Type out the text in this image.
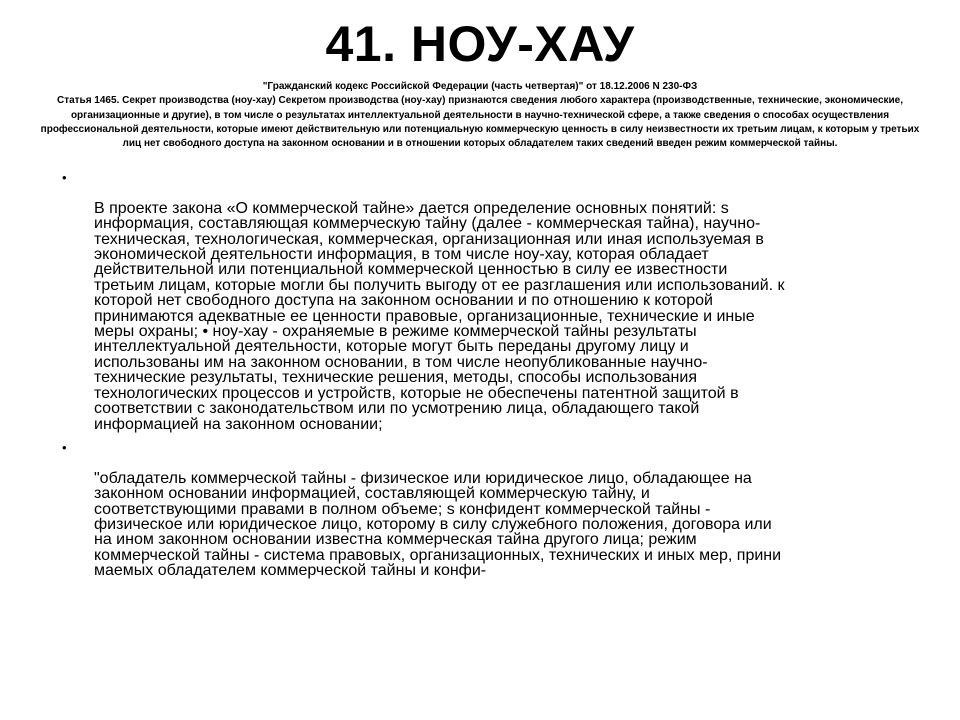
41. НОУ-ХАУ

"Гражданский кодекс Российской Федерации (часть четвертая)" от 18.12.2006 N 230-ФЗ

Статья 1465. Секрет производства (ноу-хау) Секретом производства (ноу-хау) признаются сведения любого характера (производственные, технические, экономические, организационные и другие), в том числе о результатах интеллектуальной деятельности в научно-технической сфере, а также сведения о способах осуществления профессиональной деятельности, которые имеют действительную или потенциальную коммерческую ценность в силу неизвестности их третьим лицам, к которым у третьих лиц нет свободного доступа на законном основании и в отношении которых обладателем таких сведений введен режим коммерческой тайны.

•

В проекте закона «О коммерческой тайне» дается определение основных понятий: s
информация, составляющая коммерческую тайну (далее - коммерческая тайна), научно-
техническая, технологическая, коммерческая, организационная или иная используемая в
экономической деятельности информация, в том числе ноу-хау, которая обладает
действительной или потенциальной коммерческой ценностью в силу ее известности
третьим лицам, которые могли бы получить выгоду от ее разглашения или использований. к
которой нет свободного доступа на законном основании и по отношению к которой
принимаются адекватные ее ценности правовые, организационные, технические и иные
меры охраны; • ноу-хау - охраняемые в режиме коммерческой тайны результаты
интеллектуальной деятельности, которые могут быть переданы другому лицу и
использованы им на законном основании, в том числе неопубликованные научно-
технические результаты, технические решения, методы, способы использования
технологических процессов и устройств, которые не обеспечены патентной защитой в
соответствии с законодательством или по усмотрению лица, обладающего такой
информацией на законном основании;

•

"обладатель коммерческой тайны - физическое или юридическое лицо, обладающее на
законном основании информацией, составляющей коммерческую тайну, и
соответствующими правами в полном объеме; s конфидент коммерческой тайны -
физическое или юридическое лицо, которому в силу служебного положения, договора или
на ином законном основании известна коммерческая тайна другого лица; режим
коммерческой тайны - система правовых, организационных, технических и иных мер, прини
маемых обладателем коммерческой тайны и конфи-
